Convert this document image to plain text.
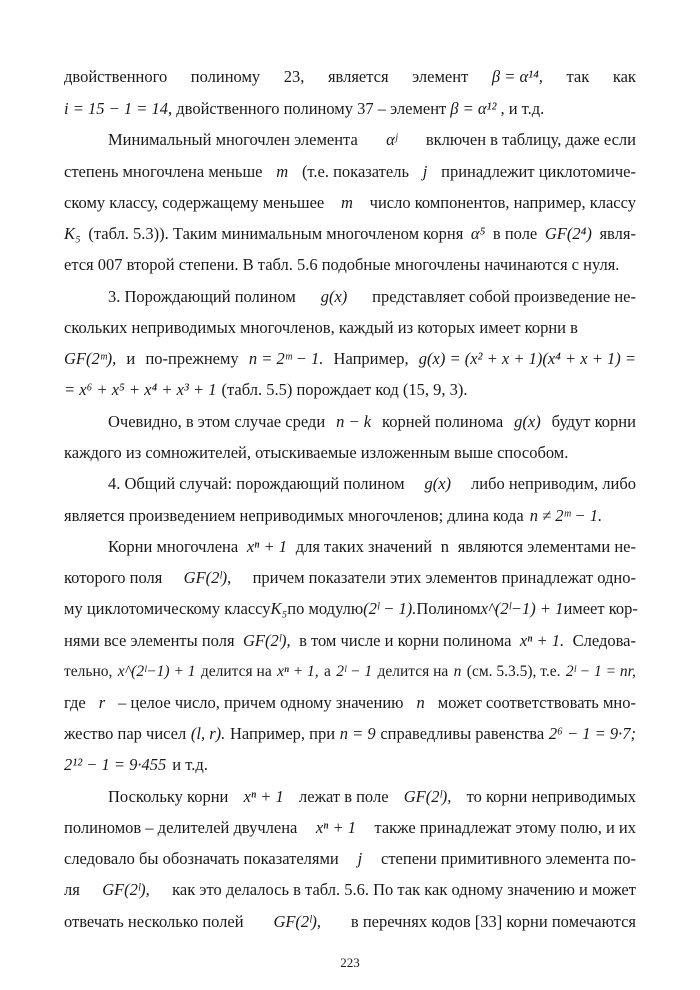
двойственного полиному 23, является элемент β = α¹⁴, так как
i = 15 − 1 = 14 , двойственного полиному 37 – элемент β = α¹² , и т.д.
Минимальный многочлен элемента αʲ включен в таблицу, даже если
степень многочлена меньше m (т.е. показатель j принадлежит циклотомиче-
скому классу, содержащему меньшее m число компонентов, например, классу
K₅ (табл. 5.3)). Таким минимальным многочленом корня α⁵ в поле GF(2⁴) явля-
ется 007 второй степени. В табл. 5.6 подобные многочлены начинаются с нуля.
3. Порождающий полином g(x) представляет собой произведение не-
скольких неприводимых многочленов, каждый из которых имеет корни в
GF(2ᵐ), и по-прежнему n = 2ᵐ − 1. Например, g(x) = (x² + x + 1)(x⁴ + x + 1) =
= x⁶ + x⁵ + x⁴ + x³ + 1 (табл. 5.5) порождает код (15, 9, 3).
Очевидно, в этом случае среди n − k корней полинома g(x) будут корни
каждого из сомножителей, отыскиваемые изложенным выше способом.
4. Общий случай: порождающий полином g(x) либо неприводим, либо
является произведением неприводимых многочленов; длина кода n ≠ 2ᵐ − 1.
Корни многочлена xⁿ + 1 для таких значений n являются элементами не-
которого поля GF(2ˡ), причем показатели этих элементов принадлежат одно-
му циклотомическому классу K₅ по модулю (2ˡ − 1). Полином x^(2ˡ−1) + 1 имеет кор-
нями все элементы поля GF(2ˡ), в том числе и корни полинома xⁿ + 1. Следова-
тельно, x^(2ˡ−1) + 1 делится на xⁿ + 1, а 2ˡ − 1 делится на n (см. 5.3.5), т.е. 2ˡ − 1 = nr,
где r – целое число, причем одному значению n может соответствовать мно-
жество пар чисел (l, r). Например, при n = 9 справедливы равенства 2⁶ − 1 = 9·7;
2¹² − 1 = 9·455 и т.д.
Поскольку корни xⁿ + 1 лежат в поле GF(2ˡ), то корни неприводимых
полиномов – делителей двучлена xⁿ + 1 также принадлежат этому полю, и их
следовало бы обозначать показателями j степени примитивного элемента по-
ля GF(2ˡ), как это делалось в табл. 5.6. По так как одному значению и может
отвечать несколько полей GF(2ˡ), в перечнях кодов [33] корни помечаются
223
